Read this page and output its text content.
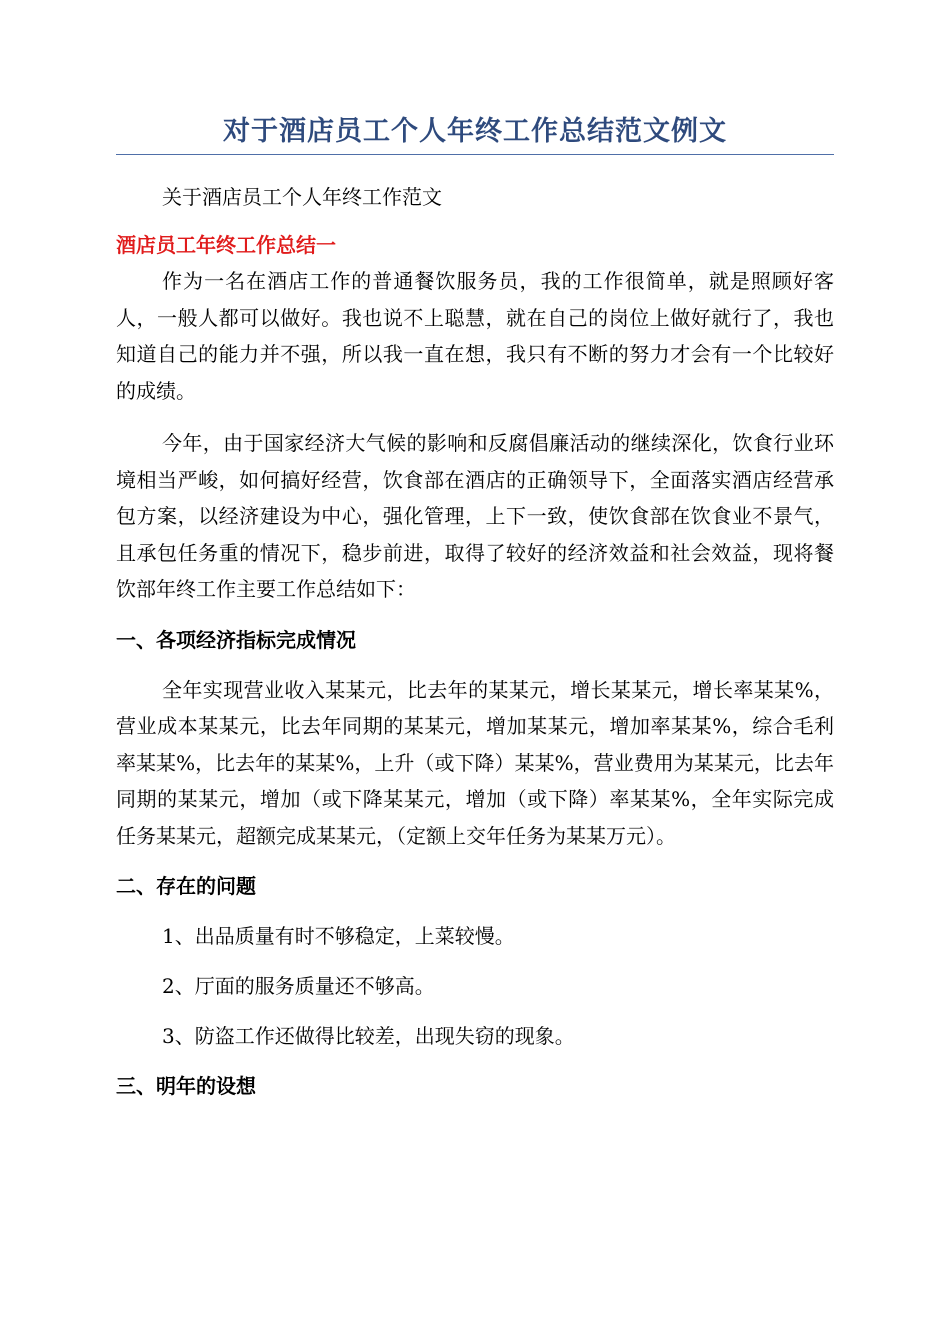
对于酒店员工个人年终工作总结范文例文

关于酒店员工个人年终工作范文

酒店员工年终工作总结一

作为一名在酒店工作的普通餐饮服务员，我的工作很简单，就是照顾好客人，一般人都可以做好。我也说不上聪慧，就在自己的岗位上做好就行了，我也知道自己的能力并不强，所以我一直在想，我只有不断的努力才会有一个比较好的成绩。

今年，由于国家经济大气候的影响和反腐倡廉活动的继续深化，饮食行业环境相当严峻，如何搞好经营，饮食部在酒店的正确领导下，全面落实酒店经营承包方案，以经济建设为中心，强化管理，上下一致，使饮食部在饮食业不景气，且承包任务重的情况下，稳步前进，取得了较好的经济效益和社会效益，现将餐饮部年终工作主要工作总结如下：

一、各项经济指标完成情况

全年实现营业收入某某元，比去年的某某元，增长某某元，增长率某某%，营业成本某某元，比去年同期的某某元，增加某某元，增加率某某%，综合毛利率某某%，比去年的某某%，上升（或下降）某某%，营业费用为某某元，比去年同期的某某元，增加（或下降某某元，增加（或下降）率某某%，全年实际完成任务某某元，超额完成某某元，（定额上交年任务为某某万元）。

二、存在的问题

1、出品质量有时不够稳定，上菜较慢。

2、厅面的服务质量还不够高。

3、防盗工作还做得比较差，出现失窃的现象。

三、明年的设想
